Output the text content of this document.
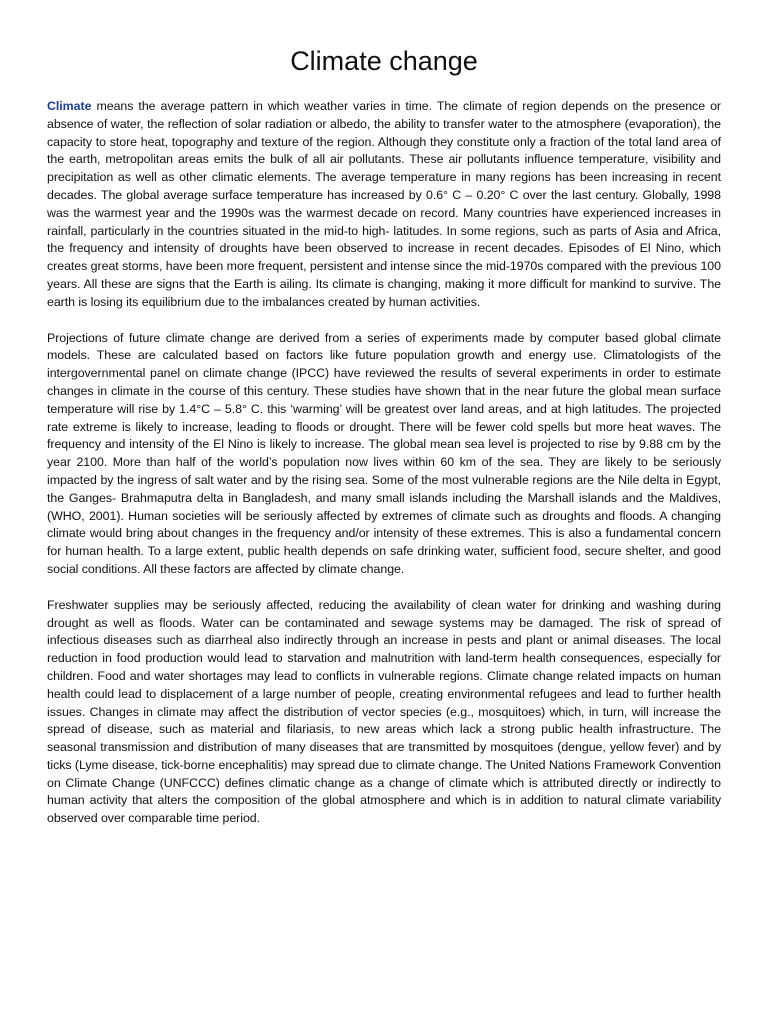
Climate change

Climate means the average pattern in which weather varies in time. The climate of region depends on the presence or absence of water, the reflection of solar radiation or albedo, the ability to transfer water to the atmosphere (evaporation), the capacity to store heat, topography and texture of the region. Although they constitute only a fraction of the total land area of the earth, metropolitan areas emits the bulk of all air pollutants. These air pollutants influence temperature, visibility and precipitation as well as other climatic elements. The average temperature in many regions has been increasing in recent decades. The global average surface temperature has increased by 0.6° C – 0.20° C over the last century. Globally, 1998 was the warmest year and the 1990s was the warmest decade on record. Many countries have experienced increases in rainfall, particularly in the countries situated in the mid-to high- latitudes. In some regions, such as parts of Asia and Africa, the frequency and intensity of droughts have been observed to increase in recent decades. Episodes of El Nino, which creates great storms, have been more frequent, persistent and intense since the mid-1970s compared with the previous 100 years. All these are signs that the Earth is ailing. Its climate is changing, making it more difficult for mankind to survive. The earth is losing its equilibrium due to the imbalances created by human activities.

Projections of future climate change are derived from a series of experiments made by computer based global climate models. These are calculated based on factors like future population growth and energy use. Climatologists of the intergovernmental panel on climate change (IPCC) have reviewed the results of several experiments in order to estimate changes in climate in the course of this century. These studies have shown that in the near future the global mean surface temperature will rise by 1.4°C – 5.8° C. this ‘warming’ will be greatest over land areas, and at high latitudes. The projected rate extreme is likely to increase, leading to floods or drought. There will be fewer cold spells but more heat waves. The frequency and intensity of the El Nino is likely to increase. The global mean sea level is projected to rise by 9.88 cm by the year 2100. More than half of the world’s population now lives within 60 km of the sea. They are likely to be seriously impacted by the ingress of salt water and by the rising sea. Some of the most vulnerable regions are the Nile delta in Egypt, the Ganges- Brahmaputra delta in Bangladesh, and many small islands including the Marshall islands and the Maldives, (WHO, 2001). Human societies will be seriously affected by extremes of climate such as droughts and floods. A changing climate would bring about changes in the frequency and/or intensity of these extremes. This is also a fundamental concern for human health. To a large extent, public health depends on safe drinking water, sufficient food, secure shelter, and good social conditions. All these factors are affected by climate change.

Freshwater supplies may be seriously affected, reducing the availability of clean water for drinking and washing during drought as well as floods. Water can be contaminated and sewage systems may be damaged. The risk of spread of infectious diseases such as diarrheal also indirectly through an increase in pests and plant or animal diseases. The local reduction in food production would lead to starvation and malnutrition with land-term health consequences, especially for children. Food and water shortages may lead to conflicts in vulnerable regions. Climate change related impacts on human health could lead to displacement of a large number of people, creating environmental refugees and lead to further health issues. Changes in climate may affect the distribution of vector species (e.g., mosquitoes) which, in turn, will increase the spread of disease, such as material and filariasis, to new areas which lack a strong public health infrastructure. The seasonal transmission and distribution of many diseases that are transmitted by mosquitoes (dengue, yellow fever) and by ticks (Lyme disease, tick-borne encephalitis) may spread due to climate change. The United Nations Framework Convention on Climate Change (UNFCCC) defines climatic change as a change of climate which is attributed directly or indirectly to human activity that alters the composition of the global atmosphere and which is in addition to natural climate variability observed over comparable time period.
